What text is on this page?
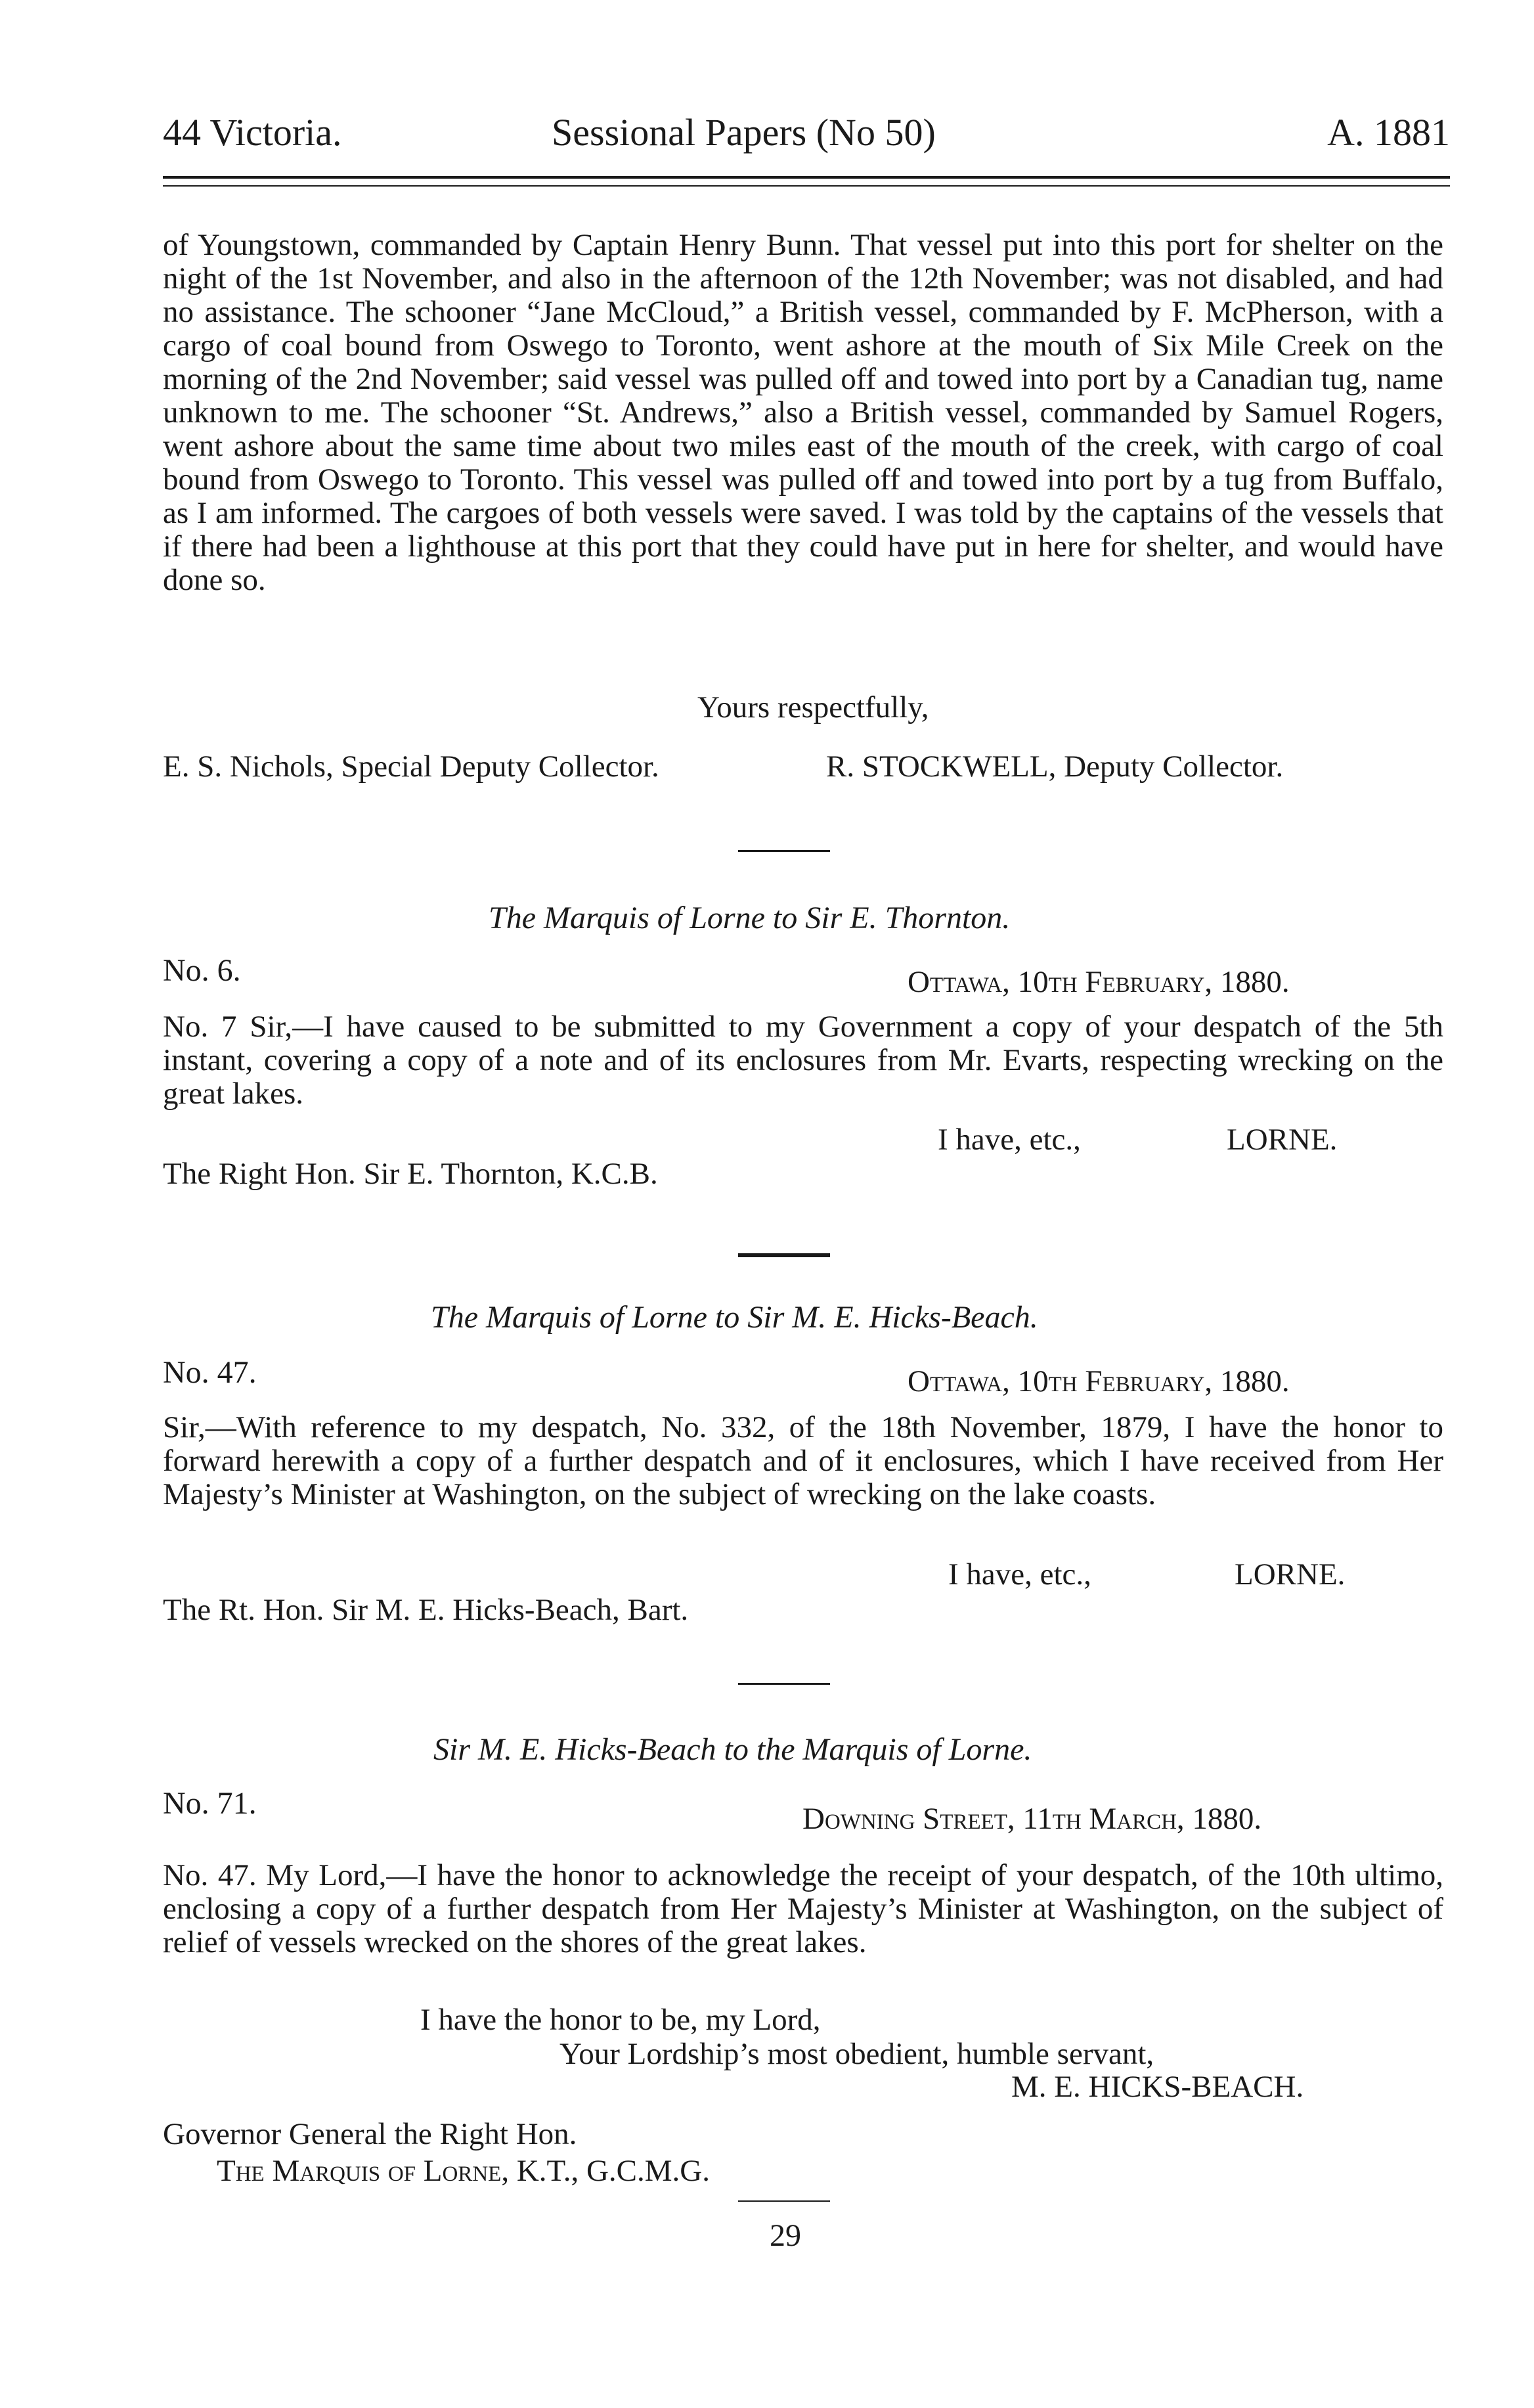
44 Victoria.	Sessional Papers (No 50)	A. 1881

of Youngstown, commanded by Captain Henry Bunn. That vessel put into this port for shelter on the night of the 1st November, and also in the afternoon of the 12th November; was not disabled, and had no assistance. The schooner “Jane McCloud,” a British vessel, commanded by F. McPherson, with a cargo of coal bound from Oswego to Toronto, went ashore at the mouth of Six Mile Creek on the morning of the 2nd November; said vessel was pulled off and towed into port by a Canadian tug, name unknown to me. The schooner “St. Andrews,” also a British vessel, commanded by Samuel Rogers, went ashore about the same time about two miles east of the mouth of the creek, with cargo of coal bound from Oswego to Toronto. This vessel was pulled off and towed into port by a tug from Buffalo, as I am informed. The cargoes of both vessels were saved. I was told by the captains of the vessels that if there had been a lighthouse at this port that they could have put in here for shelter, and would have done so.

Yours respectfully,
E. S. Nichols, Special Deputy Collector.	R. STOCKWELL, Deputy Collector.
The Marquis of Lorne to Sir E. Thornton.
No. 6.	Ottawa, 10th February, 1880.

No. 7 Sir,—I have caused to be submitted to my Government a copy of your despatch of the 5th instant, covering a copy of a note and of its enclosures from Mr. Evarts, respecting wrecking on the great lakes.

I have, etc.,	LORNE.
The Right Hon. Sir E. Thornton, K.C.B.
The Marquis of Lorne to Sir M. E. Hicks-Beach.
No. 47.	Ottawa, 10th February, 1880.

Sir,—With reference to my despatch, No. 332, of the 18th November, 1879, I have the honor to forward herewith a copy of a further despatch and of it enclosures, which I have received from Her Majesty’s Minister at Washington, on the subject of wrecking on the lake coasts.

I have, etc.,	LORNE.
The Rt. Hon. Sir M. E. Hicks-Beach, Bart.
Sir M. E. Hicks-Beach to the Marquis of Lorne.
No. 71.	Downing Street, 11th March, 1880.

No. 47. My Lord,—I have the honor to acknowledge the receipt of your despatch, of the 10th ultimo, enclosing a copy of a further despatch from Her Majesty’s Minister at Washington, on the subject of relief of vessels wrecked on the shores of the great lakes.

I have the honor to be, my Lord,
Your Lordship’s most obedient, humble servant,
M. E. HICKS-BEACH.
Governor General the Right Hon.
The Marquis of Lorne, K.T., G.C.M.G.
29
